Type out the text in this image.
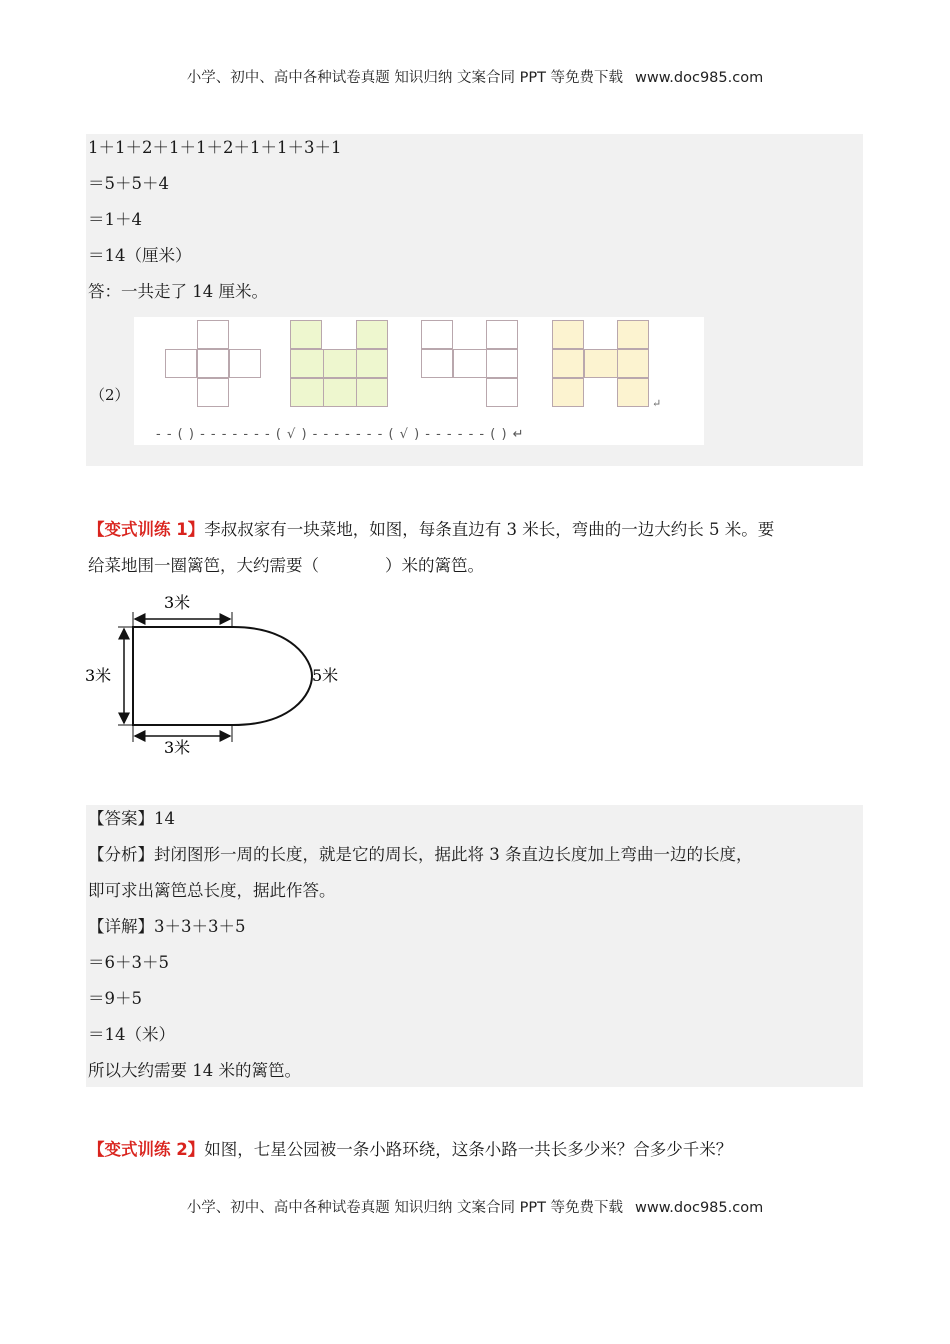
小学、初中、高中各种试卷真题 知识归纳 文案合同 PPT 等免费下载 www.doc985.com
1＋1＋2＋1＋1＋2＋1＋1＋3＋1
＝5＋5＋4
＝1＋4
＝14（厘米）
答：一共走了 14 厘米。
（2）	↵
- - ( ) - - - - - - - ( √ ) - - - - - - - ( √ ) - - - - - - ( ) ↵
【变式训练 1】李叔叔家有一块菜地，如图，每条直边有 3 米长，弯曲的一边大约长 5 米。要
给菜地围一圈篱笆，大约需要（　　　　）米的篱笆。
3米
3米	5米
3米
【答案】14
【分析】封闭图形一周的长度，就是它的周长，据此将 3 条直边长度加上弯曲一边的长度，
即可求出篱笆总长度，据此作答。
【详解】3＋3＋3＋5
＝6＋3＋5
＝9＋5
＝14（米）
所以大约需要 14 米的篱笆。
【变式训练 2】如图，七星公园被一条小路环绕，这条小路一共长多少米？合多少千米？
小学、初中、高中各种试卷真题 知识归纳 文案合同 PPT 等免费下载 www.doc985.com
